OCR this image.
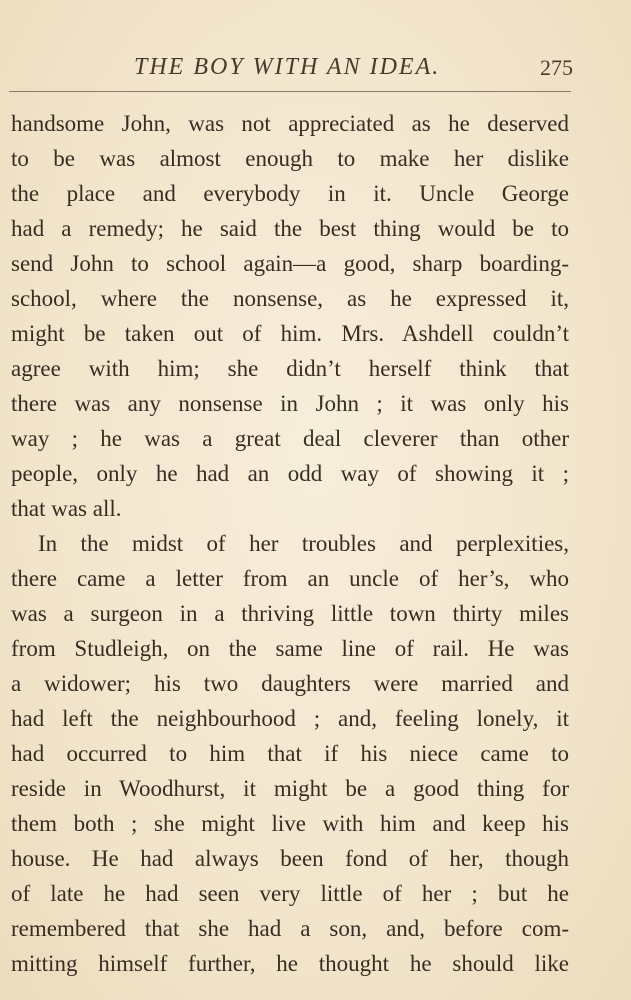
THE BOY WITH AN IDEA.	275
handsome John, was not appreciated as he deserved
to be was almost enough to make her dislike
the place and everybody in it. Uncle George
had a remedy; he said the best thing would be to
send John to school again—a good, sharp boarding-
school, where the nonsense, as he expressed it,
might be taken out of him. Mrs. Ashdell couldn’t
agree with him; she didn’t herself think that
there was any nonsense in John ; it was only his
way ; he was a great deal cleverer than other
people, only he had an odd way of showing it ;
that was all.
In the midst of her troubles and perplexities,
there came a letter from an uncle of her’s, who
was a surgeon in a thriving little town thirty miles
from Studleigh, on the same line of rail. He was
a widower; his two daughters were married and
had left the neighbourhood ; and, feeling lonely, it
had occurred to him that if his niece came to
reside in Woodhurst, it might be a good thing for
them both ; she might live with him and keep his
house. He had always been fond of her, though
of late he had seen very little of her ; but he
remembered that she had a son, and, before com-
mitting himself further, he thought he should like
